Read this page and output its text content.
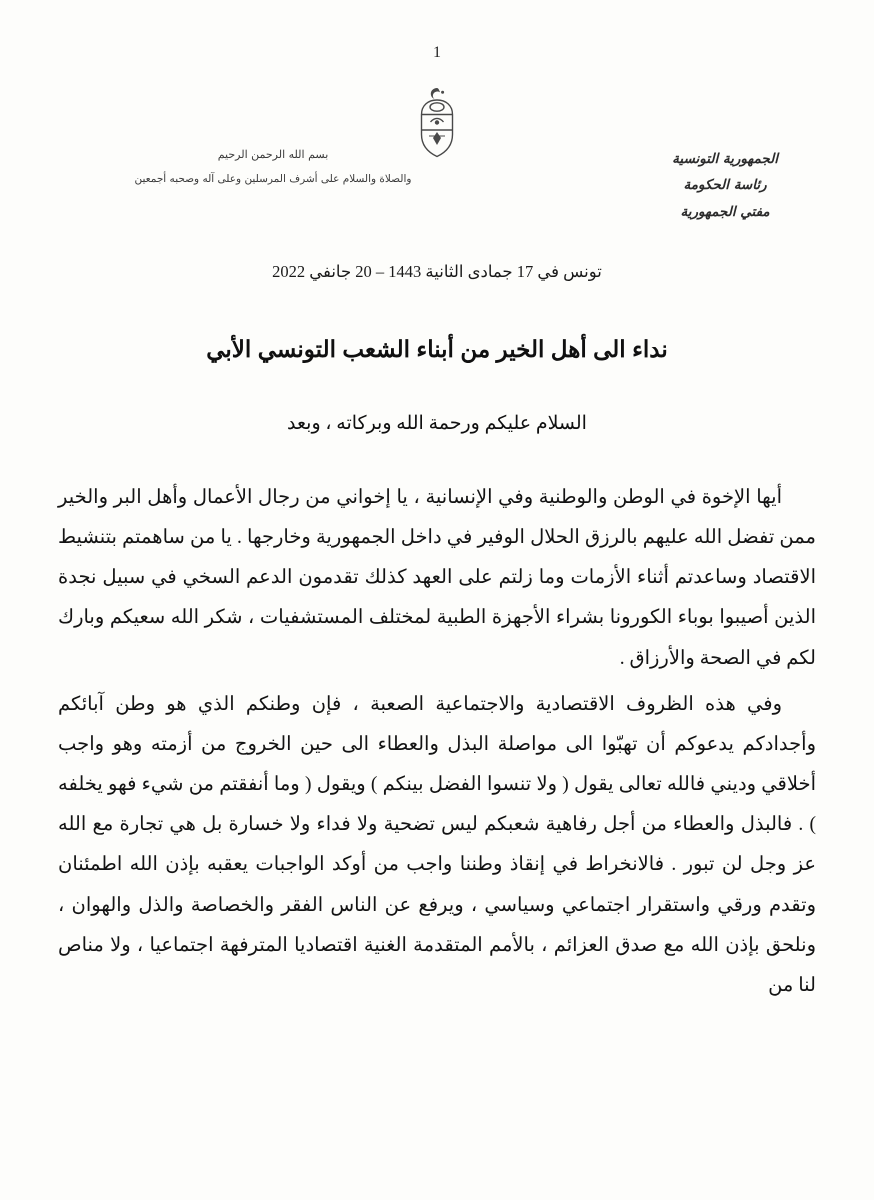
1
بسم الله الرحمن الرحيم
والصلاة والسلام على أشرف المرسلين وعلى آله وصحبه أجمعين
الجمهورية التونسية
رئاسة الحكومة
مفتي الجمهورية
تونس في 17 جمادى الثانية 1443 – 20 جانفي 2022
نداء الى أهل الخير من أبناء الشعب التونسي الأبي
السلام عليكم ورحمة الله وبركاته ، وبعد

أيها الإخوة في الوطن والوطنية وفي الإنسانية ، يا إخواني من رجال الأعمال وأهل البر والخير ممن تفضل الله عليهم بالرزق الحلال الوفير في داخل الجمهورية وخارجها . يا من ساهمتم بتنشيط الاقتصاد وساعدتم أثناء الأزمات وما زلتم على العهد كذلك تقدمون الدعم السخي في سبيل نجدة الذين أصيبوا بوباء الكورونا بشراء الأجهزة الطبية لمختلف المستشفيات ، شكر الله سعيكم وبارك لكم في الصحة والأرزاق .

وفي هذه الظروف الاقتصادية والاجتماعية الصعبة ، فإن وطنكم الذي هو وطن آبائكم وأجدادكم يدعوكم أن تهبّوا الى مواصلة البذل والعطاء الى حين الخروج من أزمته وهو واجب أخلاقي وديني فالله تعالى يقول ( ولا تنسوا الفضل بينكم ) ويقول ( وما أنفقتم من شيء فهو يخلفه ) . فالبذل والعطاء من أجل رفاهية شعبكم ليس تضحية ولا فداء ولا خسارة بل هي تجارة مع الله عز وجل لن تبور . فالانخراط في إنقاذ وطننا واجب من أوكد الواجبات يعقبه بإذن الله اطمئنان وتقدم ورقي واستقرار اجتماعي وسياسي ، ويرفع عن الناس الفقر والخصاصة والذل والهوان ، ونلحق بإذن الله مع صدق العزائم ، بالأمم المتقدمة الغنية اقتصاديا المترفهة اجتماعيا ، ولا مناص لنا من
